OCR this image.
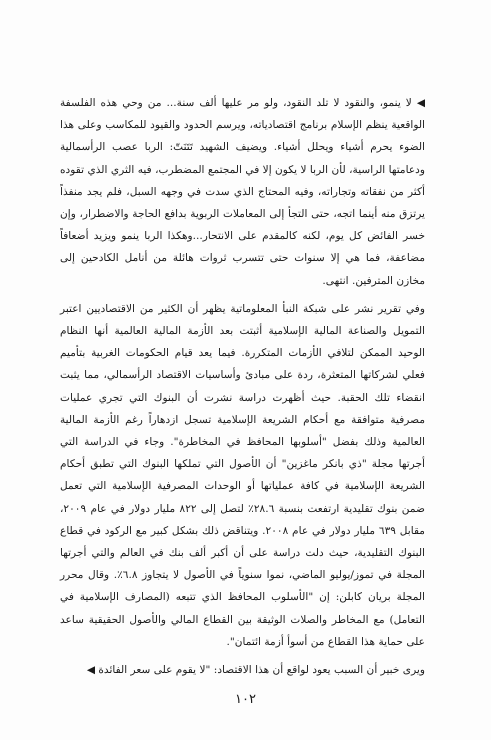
◀ لا ينمو، والنقود لا تلد النقود، ولو مر عليها ألف سنة... من وحي هذه الفلسفة الواقعية ينظم الإسلام برنامج اقتصادياته، ويرسم الحدود والقيود للمكاسب وعلى هذا الضوء يحرم أشياء ويحلل أشياء. ويضيف الشهيد تَتَنَتّ: الربا عصب الرأسمالية ودعامتها الراسية، لأن الربا لا يكون إلا في المجتمع المضطرب، فيه الثري الذي تقوده أكثر من نفقاته وتجاراته، وفيه المحتاج الذي سدت في وجهه السبل، فلم يجد منفذاً يرتزق منه أينما اتجه، حتى التجأ إلى المعاملات الربوية بدافع الحاجة والاضطرار، وإن خسر الفائض كل يوم، لكنه كالمقدم على الانتحار...وهكذا الربا ينمو ويزيد أضعافاً مضاعفة، فما هي إلا سنوات حتى تتسرب ثروات هائلة من أنامل الكادحين إلى مخازن المترفين. انتهى.

وفي تقرير نشر على شبكة النبأ المعلوماتية يظهر أن الكثير من الاقتصاديين اعتبر التمويل والصناعة المالية الإسلامية أثبتت بعد الأزمة المالية العالمية أنها النظام الوحيد الممكن لتلافي الأزمات المتكررة. فيما يعد قيام الحكومات الغربية بتأميم فعلي لشركاتها المتعثرة، ردة على مبادئ وأساسيات الاقتصاد الرأسمالي، مما يثبت انقضاء تلك الحقبة. حيث أظهرت دراسة نشرت أن البنوك التي تجري عمليات مصرفية متوافقة مع أحكام الشريعة الإسلامية تسجل ازدهاراً رغم الأزمة المالية العالمية وذلك بفضل "أسلوبها المحافظ في المخاطرة". وجاء في الدراسة التي أجرتها مجلة "ذي بانكر ماغزين" أن الأصول التي تملكها البنوك التي تطبق أحكام الشريعة الإسلامية في كافة عملياتها أو الوحدات المصرفية الإسلامية التي تعمل ضمن بنوك تقليدية ارتفعت بنسبة ٢٨.٦٪ لتصل إلى ٨٢٢ مليار دولار في عام ٢٠٠٩، مقابل ٦٣٩ مليار دولار في عام ٢٠٠٨. ويتناقض ذلك بشكل كبير مع الركود في قطاع البنوك التقليدية، حيث دلت دراسة على أن أكبر ألف بنك في العالم والتي أجرتها المجلة في تموز/يوليو الماضي، نموا سنوياً في الأصول لا يتجاوز ٦.٨٪. وقال محرر المجلة بريان كابلن: إن "الأسلوب المحافظ الذي تتبعه (المصارف الإسلامية في التعامل) مع المخاطر والصلات الوثيقة بين القطاع المالي والأصول الحقيقية ساعد على حماية هذا القطاع من أسوأ أزمة ائتمان".

ويرى خبير أن السبب يعود لواقع أن هذا الاقتصاد: "لا يقوم على سعر الفائدة ◀

١٠٢
